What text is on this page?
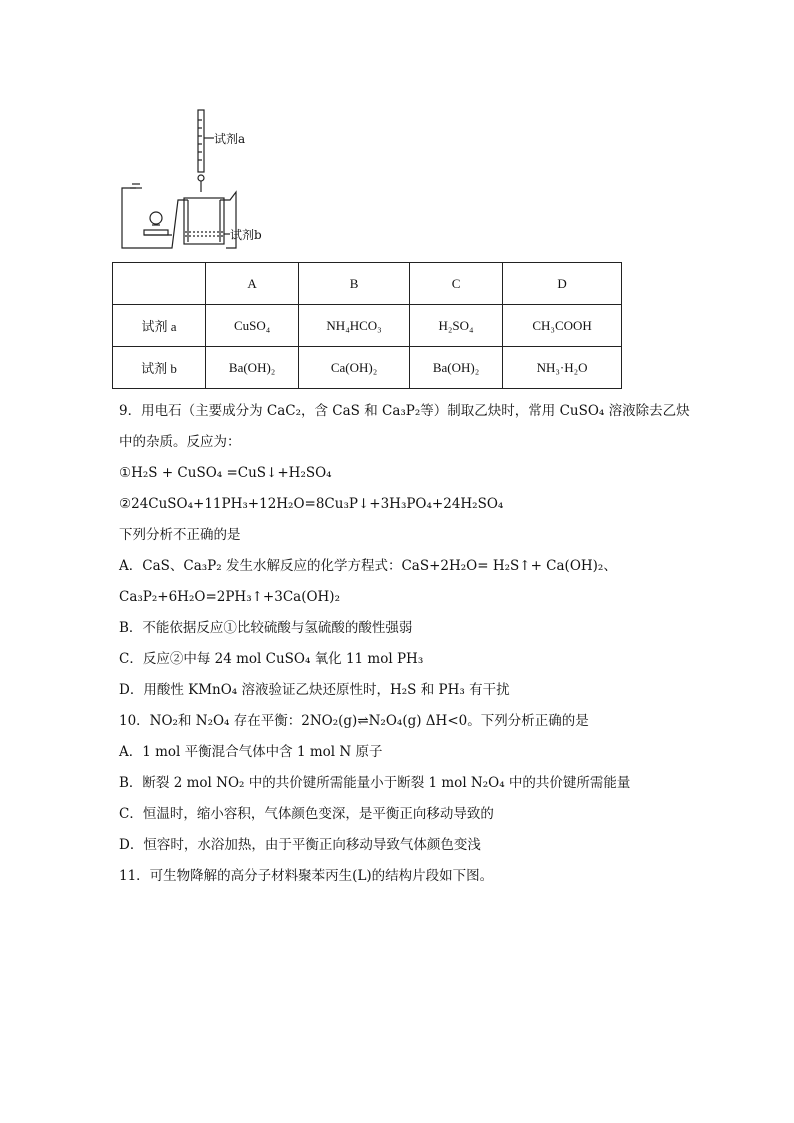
试剂a
试剂b
	A	B	C	D
试剂 a	CuSO₄	NH₄HCO₃	H₂SO₄	CH₃COOH
试剂 b	Ba(OH)₂	Ca(OH)₂	Ba(OH)₂	NH₃·H₂O
9．用电石（主要成分为 CaC₂，含 CaS 和 Ca₃P₂等）制取乙炔时，常用 CuSO₄ 溶液除去乙炔
中的杂质。反应为：
①H₂S + CuSO₄ =CuS↓+H₂SO₄
②24CuSO₄+11PH₃+12H₂O=8Cu₃P↓+3H₃PO₄+24H₂SO₄
下列分析不正确的是
A．CaS、Ca₃P₂ 发生水解反应的化学方程式：CaS+2H₂O= H₂S↑+ Ca(OH)₂、
Ca₃P₂+6H₂O=2PH₃↑+3Ca(OH)₂
B．不能依据反应①比较硫酸与氢硫酸的酸性强弱
C．反应②中每 24 mol CuSO₄ 氧化 11 mol PH₃
D．用酸性 KMnO₄ 溶液验证乙炔还原性时，H₂S 和 PH₃ 有干扰
10．NO₂和 N₂O₄ 存在平衡：2NO₂(g)⇌N₂O₄(g) ΔH<0。下列分析正确的是
A．1 mol 平衡混合气体中含 1 mol N 原子
B．断裂 2 mol NO₂ 中的共价键所需能量小于断裂 1 mol N₂O₄ 中的共价键所需能量
C．恒温时，缩小容积，气体颜色变深，是平衡正向移动导致的
D．恒容时，水浴加热，由于平衡正向移动导致气体颜色变浅
11．可生物降解的高分子材料聚苯丙生(L)的结构片段如下图。
